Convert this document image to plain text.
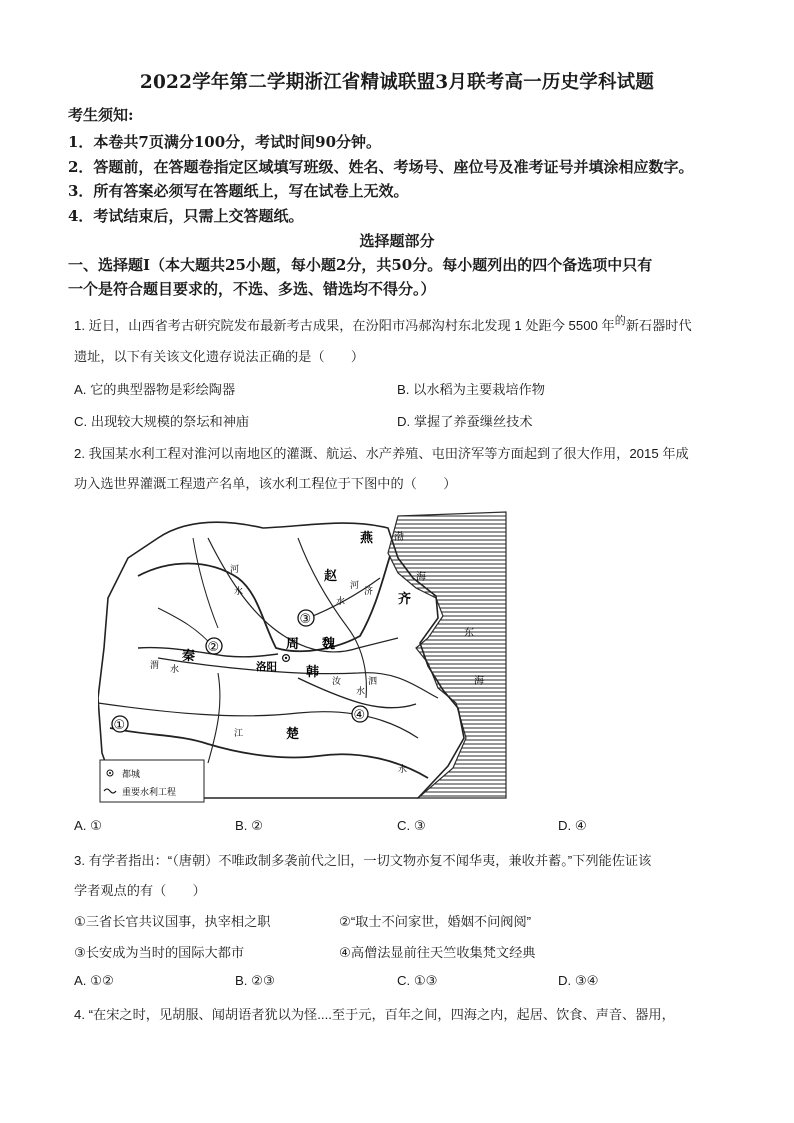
2022学年第二学期浙江省精诚联盟3月联考高一历史学科试题
考生须知:
1．本卷共7页满分100分，考试时间90分钟。
2．答题前，在答题卷指定区域填写班级、姓名、考场号、座位号及准考证号并填涂相应数字。
3．所有答案必须写在答题纸上，写在试卷上无效。
4．考试结束后，只需上交答题纸。
选择题部分
一、选择题Ⅰ（本大题共25小题，每小题2分，共50分。每小题列出的四个备选项中只有
一个是符合题目要求的，不选、多选、错选均不得分。）
1. 近日，山西省考古研究院发布最新考古成果，在汾阳市冯郝沟村东北发现 1 处距今 5500 年$^的$新石器时代
遗址，以下有关该文化遗存说法正确的是（　　）
A. 它的典型器物是彩绘陶器	B. 以水稻为主要栽培作物
C. 出现较大规模的祭坛和神庙	D. 掌握了养蚕缫丝技术
2. 我国某水利工程对淮河以南地区的灌溉、航运、水产养殖、屯田济军等方面起到了很大作用，2015 年成
功入选世界灌溉工程遗产名单，该水利工程位于下图中的（　　）
燕
赵
齐
秦
周 魏
韩
楚
洛阳
渤
海
东
海
河
水
渭 水
河
济
水
汝	泗
水
江
水
①
②
③
④
都城
重要水利工程
A. ①	B. ②	C. ③	D. ④
3. 有学者指出：“（唐朝）不唯政制多袭前代之旧，一切文物亦复不闻华夷，兼收并蓄。”下列能佐证该
学者观点的有（　　）
①三省长官共议国事，执宰相之职	②“取士不问家世，婚姻不问阀阅”
③长安成为当时的国际大都市	④高僧法显前往天竺收集梵文经典
A. ①②	B. ②③	C. ①③	D. ③④
4. “在宋之时，见胡服、闻胡语者犹以为怪....至于元，百年之间，四海之内，起居、饮食、声音、器用，
